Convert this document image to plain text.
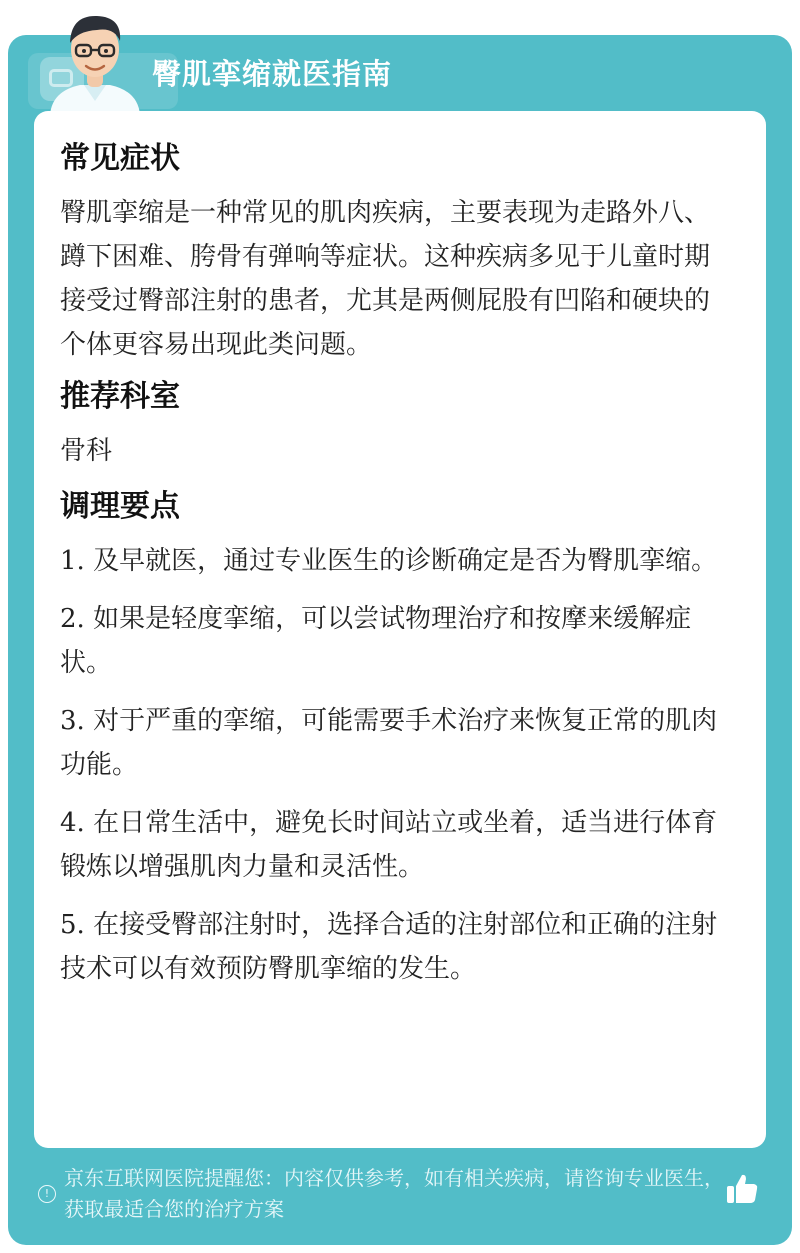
臀肌挛缩就医指南
常见症状

臀肌挛缩是一种常见的肌肉疾病，主要表现为走路外八、蹲下困难、胯骨有弹响等症状。这种疾病多见于儿童时期接受过臀部注射的患者，尤其是两侧屁股有凹陷和硬块的个体更容易出现此类问题。

推荐科室

骨科

调理要点
1. 及早就医，通过专业医生的诊断确定是否为臀肌挛缩。
2. 如果是轻度挛缩，可以尝试物理治疗和按摩来缓解症状。
3. 对于严重的挛缩，可能需要手术治疗来恢复正常的肌肉功能。
4. 在日常生活中，避免长时间站立或坐着，适当进行体育锻炼以增强肌肉力量和灵活性。
5. 在接受臀部注射时，选择合适的注射部位和正确的注射技术可以有效预防臀肌挛缩的发生。
!

京东互联网医院提醒您：内容仅供参考，如有相关疾病，请咨询专业医生，获取最适合您的治疗方案
